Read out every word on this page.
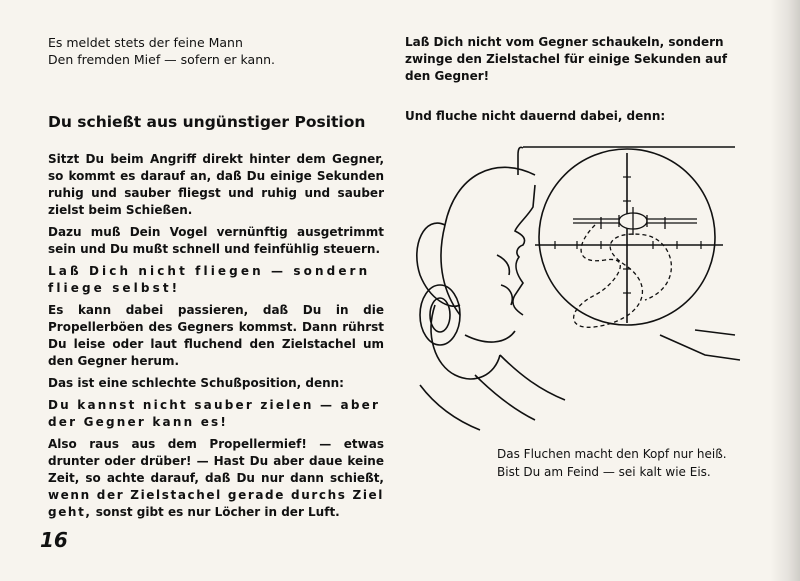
Es meldet stets der feine Mann

Den fremden Mief — sofern er kann.

Du schießt aus ungünstiger Position

Sitzt Du beim Angriff direkt hinter dem Gegner, so kommt es darauf an, daß Du einige Sekunden ruhig und sauber fliegst und ruhig und sauber zielst beim Schießen.

Dazu muß Dein Vogel vernünftig ausgetrimmt sein und Du mußt schnell und feinfühlig steuern.

Laß Dich nicht fliegen — sondern fliege selbst!

Es kann dabei passieren, daß Du in die Propellerböen des Gegners kommst. Dann rührst Du leise oder laut fluchend den Zielstachel um den Gegner herum.

Das ist eine schlechte Schußposition, denn:

Du kannst nicht sauber zielen — aber der Gegner kann es!

Also raus aus dem Propellermief! — etwas drunter oder drüber! — Hast Du aber daue keine Zeit, so achte darauf, daß Du nur dann schießt, wenn der Zielstachel gerade durchs Ziel geht, sonst gibt es nur Löcher in der Luft.

Laß Dich nicht vom Gegner schaukeln, sondern zwinge den Zielstachel für einige Sekunden auf den Gegner!

Und fluche nicht dauernd dabei, denn:

Das Fluchen macht den Kopf nur heiß.
Bist Du am Feind — sei kalt wie Eis.
16
